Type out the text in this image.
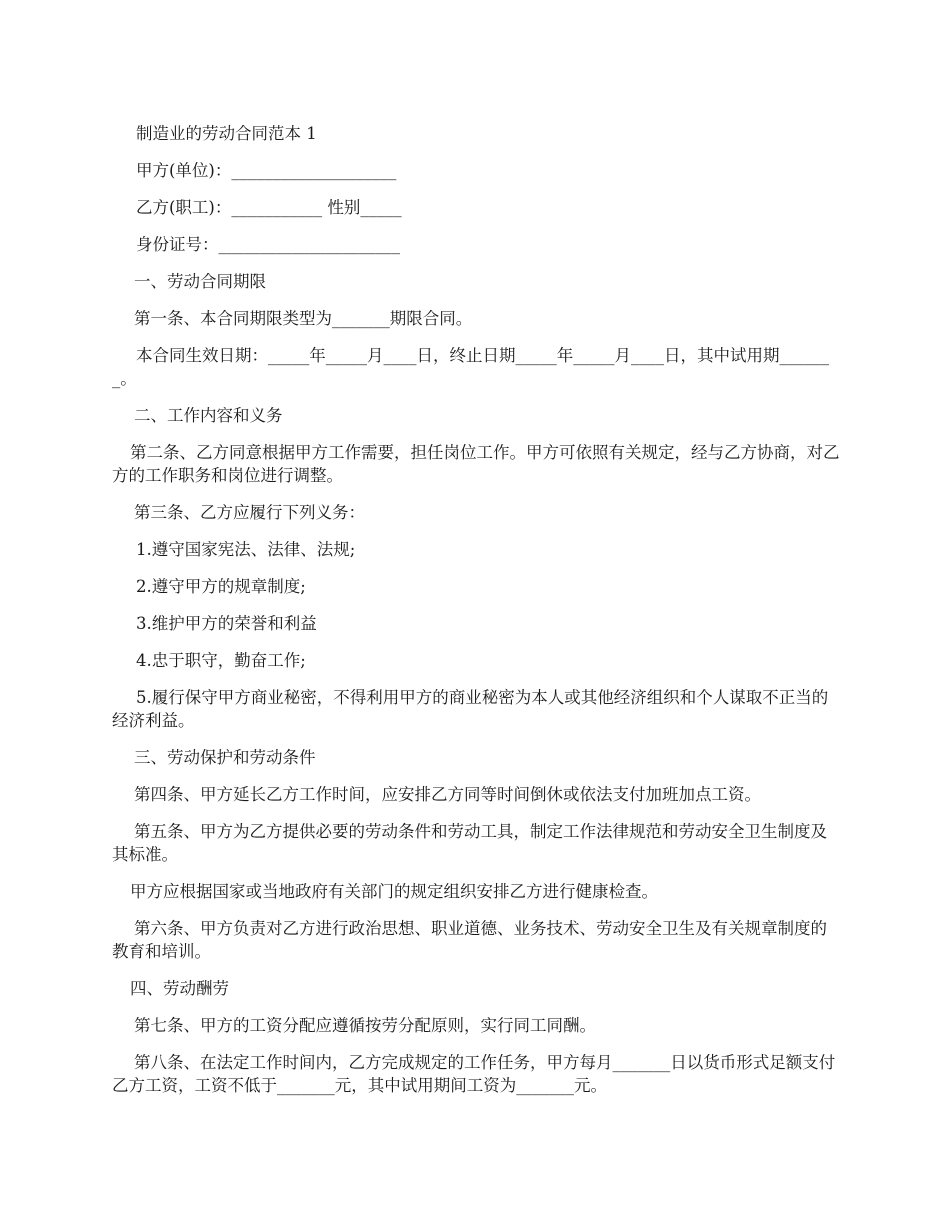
制造业的劳动合同范本 1

甲方(单位)：____________________

乙方(职工)：___________ 性别_____

身份证号：______________________

一、劳动合同期限

第一条、本合同期限类型为_______期限合同。

本合同生效日期：_____年_____月____日，终止日期_____年_____月____日，其中试用期_______。

二、工作内容和义务

第二条、乙方同意根据甲方工作需要，担任岗位工作。甲方可依照有关规定，经与乙方协商，对乙方的工作职务和岗位进行调整。

第三条、乙方应履行下列义务：

1.遵守国家宪法、法律、法规;

2.遵守甲方的规章制度;

3.维护甲方的荣誉和利益

4.忠于职守，勤奋工作;

5.履行保守甲方商业秘密，不得利用甲方的商业秘密为本人或其他经济组织和个人谋取不正当的经济利益。

三、劳动保护和劳动条件

第四条、甲方延长乙方工作时间，应安排乙方同等时间倒休或依法支付加班加点工资。

第五条、甲方为乙方提供必要的劳动条件和劳动工具，制定工作法律规范和劳动安全卫生制度及其标准。

甲方应根据国家或当地政府有关部门的规定组织安排乙方进行健康检查。

第六条、甲方负责对乙方进行政治思想、职业道德、业务技术、劳动安全卫生及有关规章制度的教育和培训。

四、劳动酬劳

第七条、甲方的工资分配应遵循按劳分配原则，实行同工同酬。

第八条、在法定工作时间内，乙方完成规定的工作任务，甲方每月_______日以货币形式足额支付乙方工资，工资不低于_______元，其中试用期间工资为_______元。
